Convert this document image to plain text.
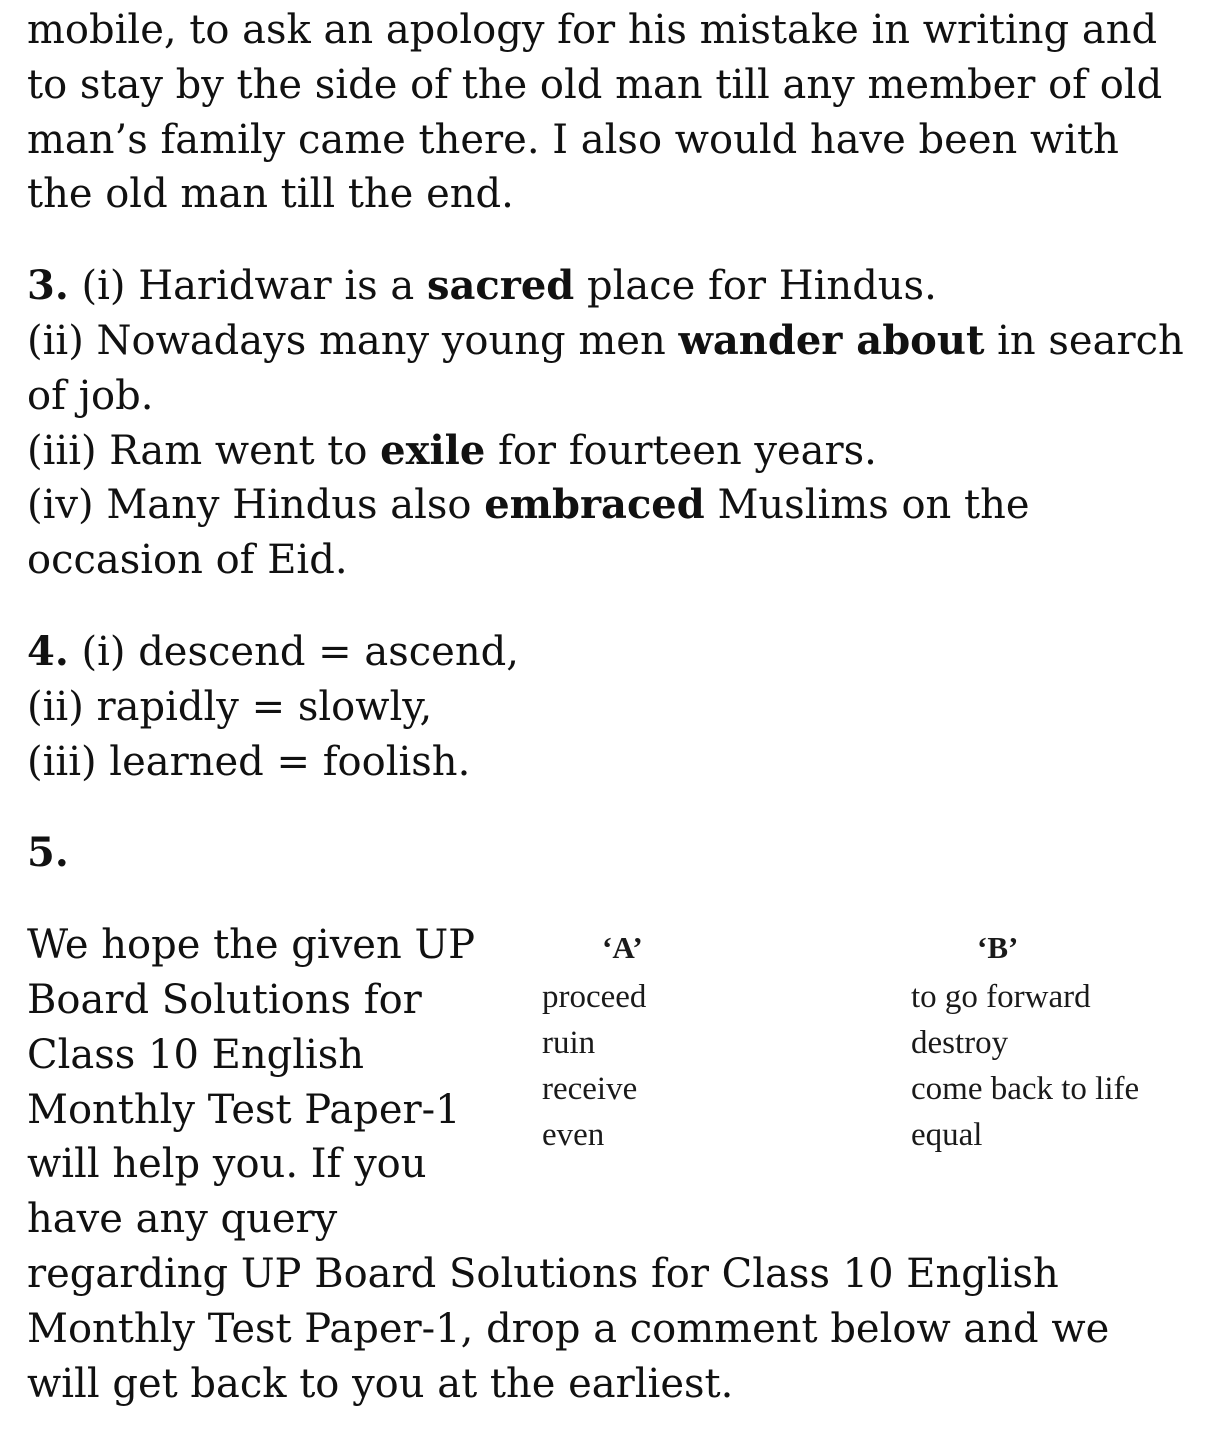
mobile, to ask an apology for his mistake in writing and to stay by the side of the old man till any member of old man’s family came there. I also would have been with the old man till the end.

3. (i) Haridwar is a sacred place for Hindus.

(ii) Nowadays many young men wander about in search of job.

(iii) Ram went to exile for fourteen years.

(iv) Many Hindus also embraced Muslims on the occasion of Eid.

4. (i) descend = ascend,

(ii) rapidly = slowly,

(iii) learned = foolish.

5.

We hope the given UP

Board Solutions for

Class 10 English

Monthly Test Paper-1

will help you. If you

have any query

regarding UP Board Solutions for Class 10 English Monthly Test Paper-1, drop a comment below and we will get back to you at the earliest.

‘A’
proceed
ruin
receive
even
‘B’
to go forward
destroy
come back to life
equal
